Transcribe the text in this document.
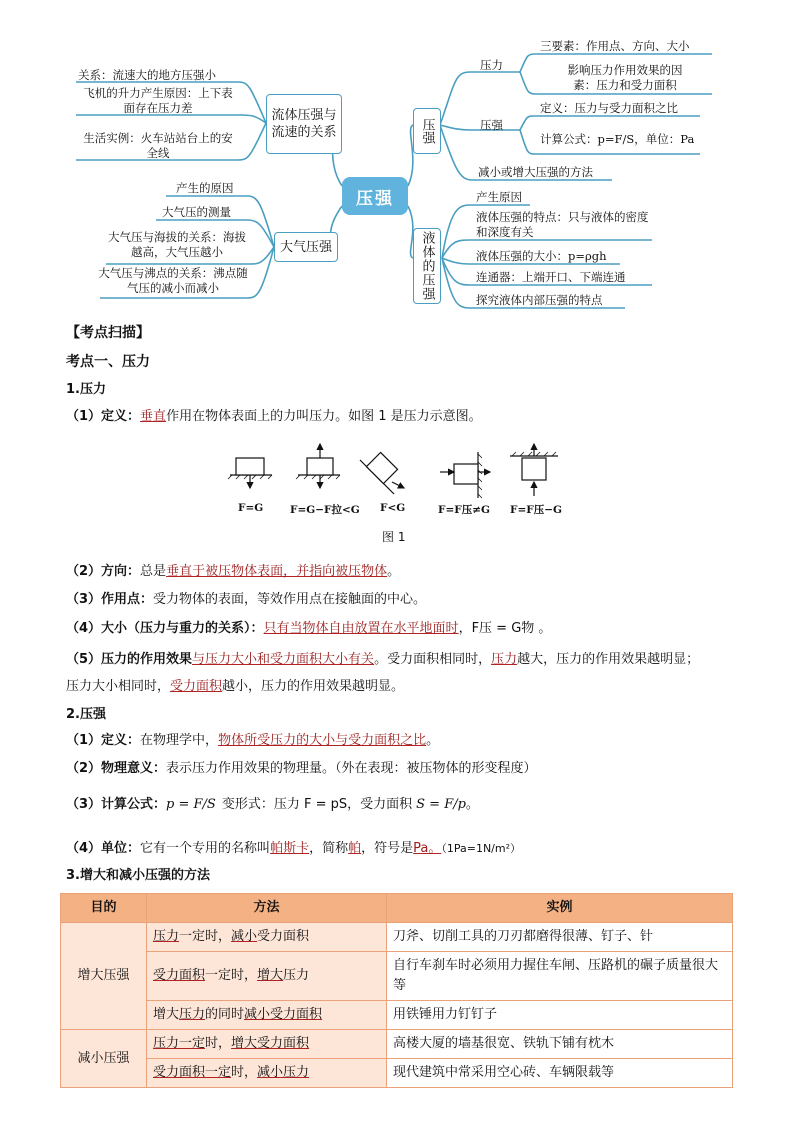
压强
流体压强与流速的关系
关系：流速大的地方压强小
飞机的升力产生原因：上下表面存在压力差
生活实例：火车站站台上的安全线
大气压强
产生的原因
大气压的测量
大气压与海拔的关系：海拔越高，大气压越小
大气压与沸点的关系：沸点随气压的减小而减小
压强
压力
三要素：作用点、方向、大小
影响压力作用效果的因素：压力和受力面积
压强
定义：压力与受力面积之比
计算公式：p=F/S，单位：Pa
减小或增大压强的方法
液体的压强
产生原因
液体压强的特点：只与液体的密度和深度有关
液体压强的大小：p=ρgh
连通器：上端开口、下端连通
探究液体内部压强的特点
【考点扫描】
考点一、压力
1.压力
（1）定义：垂直作用在物体表面上的力叫压力。如图 1 是压力示意图。
F=G	F=G−F拉<G F<G	F=F压≠G F=F压−G
图 1
（2）方向：总是垂直于被压物体表面，并指向被压物体。
（3）作用点：受力物体的表面，等效作用点在接触面的中心。
（4）大小（压力与重力的关系）：只有当物体自由放置在水平地面时，F压 = G物 。
（5）压力的作用效果与压力大小和受力面积大小有关。受力面积相同时，压力越大，压力的作用效果越明显；
压力大小相同时，受力面积越小，压力的作用效果越明显。
2.压强
（1）定义：在物理学中，物体所受压力的大小与受力面积之比。
（2）物理意义：表示压力作用效果的物理量。（外在表现：被压物体的形变程度）
（3）计算公式：p = F/S 变形式：压力 F = pS，受力面积 S = F/p。
（4）单位：它有一个专用的名称叫帕斯卡，简称帕，符号是Pa。（1Pa=1N/m²）
3.增大和减小压强的方法
目的	方法	实例
增大压强	压力一定时，减小受力面积	刀斧、切削工具的刀刃都磨得很薄、钉子、针
	受力面积一定时，增大压力	自行车刹车时必须用力握住车闸、压路机的碾子质量很大等
	增大压力的同时减小受力面积	用铁锤用力钉钉子
减小压强	压力一定时，增大受力面积	高楼大厦的墙基很宽、铁轨下铺有枕木
	受力面积一定时，减小压力	现代建筑中常采用空心砖、车辆限载等
